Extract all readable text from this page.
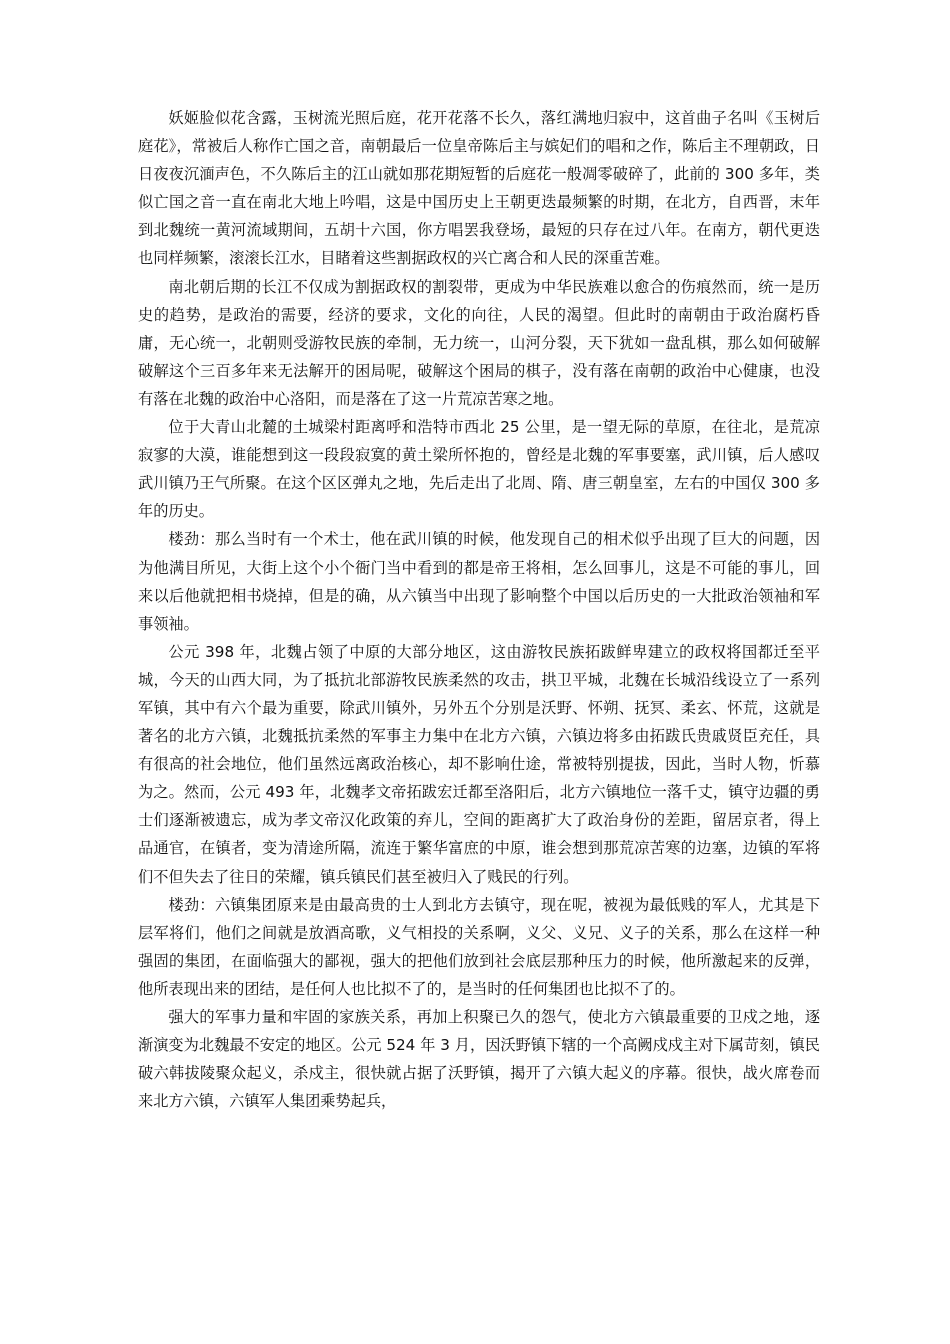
妖姬脸似花含露，玉树流光照后庭，花开花落不长久，落红满地归寂中，这首曲子名叫《玉树后庭花》，常被后人称作亡国之音，南朝最后一位皇帝陈后主与嫔妃们的唱和之作，陈后主不理朝政，日日夜夜沉湎声色，不久陈后主的江山就如那花期短暂的后庭花一般凋零破碎了，此前的 300 多年，类似亡国之音一直在南北大地上吟唱，这是中国历史上王朝更迭最频繁的时期，在北方，自西晋，末年到北魏统一黄河流域期间，五胡十六国，你方唱罢我登场，最短的只存在过八年。在南方，朝代更迭也同样频繁，滚滚长江水，目睹着这些割据政权的兴亡离合和人民的深重苦难。

南北朝后期的长江不仅成为割据政权的割裂带，更成为中华民族难以愈合的伤痕然而，统一是历史的趋势，是政治的需要，经济的要求，文化的向往，人民的渴望。但此时的南朝由于政治腐朽昏庸，无心统一，北朝则受游牧民族的牵制，无力统一，山河分裂，天下犹如一盘乱棋，那么如何破解破解这个三百多年来无法解开的困局呢，破解这个困局的棋子，没有落在南朝的政治中心健康，也没有落在北魏的政治中心洛阳，而是落在了这一片荒凉苦寒之地。

位于大青山北麓的土城梁村距离呼和浩特市西北 25 公里，是一望无际的草原，在往北，是荒凉寂寥的大漠，谁能想到这一段段寂寞的黄土梁所怀抱的，曾经是北魏的军事要塞，武川镇，后人感叹武川镇乃王气所聚。在这个区区弹丸之地，先后走出了北周、隋、唐三朝皇室，左右的中国仅 300 多年的历史。

楼劲：那么当时有一个术士，他在武川镇的时候，他发现自己的相术似乎出现了巨大的问题，因为他满目所见，大街上这个小个衙门当中看到的都是帝王将相，怎么回事儿，这是不可能的事儿，回来以后他就把相书烧掉，但是的确，从六镇当中出现了影响整个中国以后历史的一大批政治领袖和军事领袖。

公元 398 年，北魏占领了中原的大部分地区，这由游牧民族拓跋鲜卑建立的政权将国都迁至平城，今天的山西大同，为了抵抗北部游牧民族柔然的攻击，拱卫平城，北魏在长城沿线设立了一系列军镇，其中有六个最为重要，除武川镇外，另外五个分别是沃野、怀朔、抚冥、柔玄、怀荒，这就是著名的北方六镇，北魏抵抗柔然的军事主力集中在北方六镇，六镇边将多由拓跋氏贵戚贤臣充任，具有很高的社会地位，他们虽然远离政治核心，却不影响仕途，常被特别提拔，因此，当时人物，忻慕为之。然而，公元 493 年，北魏孝文帝拓跋宏迁都至洛阳后，北方六镇地位一落千丈，镇守边疆的勇士们逐渐被遗忘，成为孝文帝汉化政策的弃儿，空间的距离扩大了政治身份的差距，留居京者，得上品通官，在镇者，变为清途所隔，流连于繁华富庶的中原，谁会想到那荒凉苦寒的边塞，边镇的军将们不但失去了往日的荣耀，镇兵镇民们甚至被归入了贱民的行列。

楼劲：六镇集团原来是由最高贵的士人到北方去镇守，现在呢，被视为最低贱的军人，尤其是下层军将们，他们之间就是放酒高歌，义气相投的关系啊，义父、义兄、义子的关系，那么在这样一种强固的集团，在面临强大的鄙视，强大的把他们放到社会底层那种压力的时候，他所激起来的反弹，他所表现出来的团结，是任何人也比拟不了的，是当时的任何集团也比拟不了的。

强大的军事力量和牢固的家族关系，再加上积聚已久的怨气，使北方六镇最重要的卫戍之地，逐渐演变为北魏最不安定的地区。公元 524 年 3 月，因沃野镇下辖的一个高阙戍戍主对下属苛刻，镇民破六韩拔陵聚众起义，杀戍主，很快就占据了沃野镇，揭开了六镇大起义的序幕。很快，战火席卷而来北方六镇，六镇军人集团乘势起兵，
